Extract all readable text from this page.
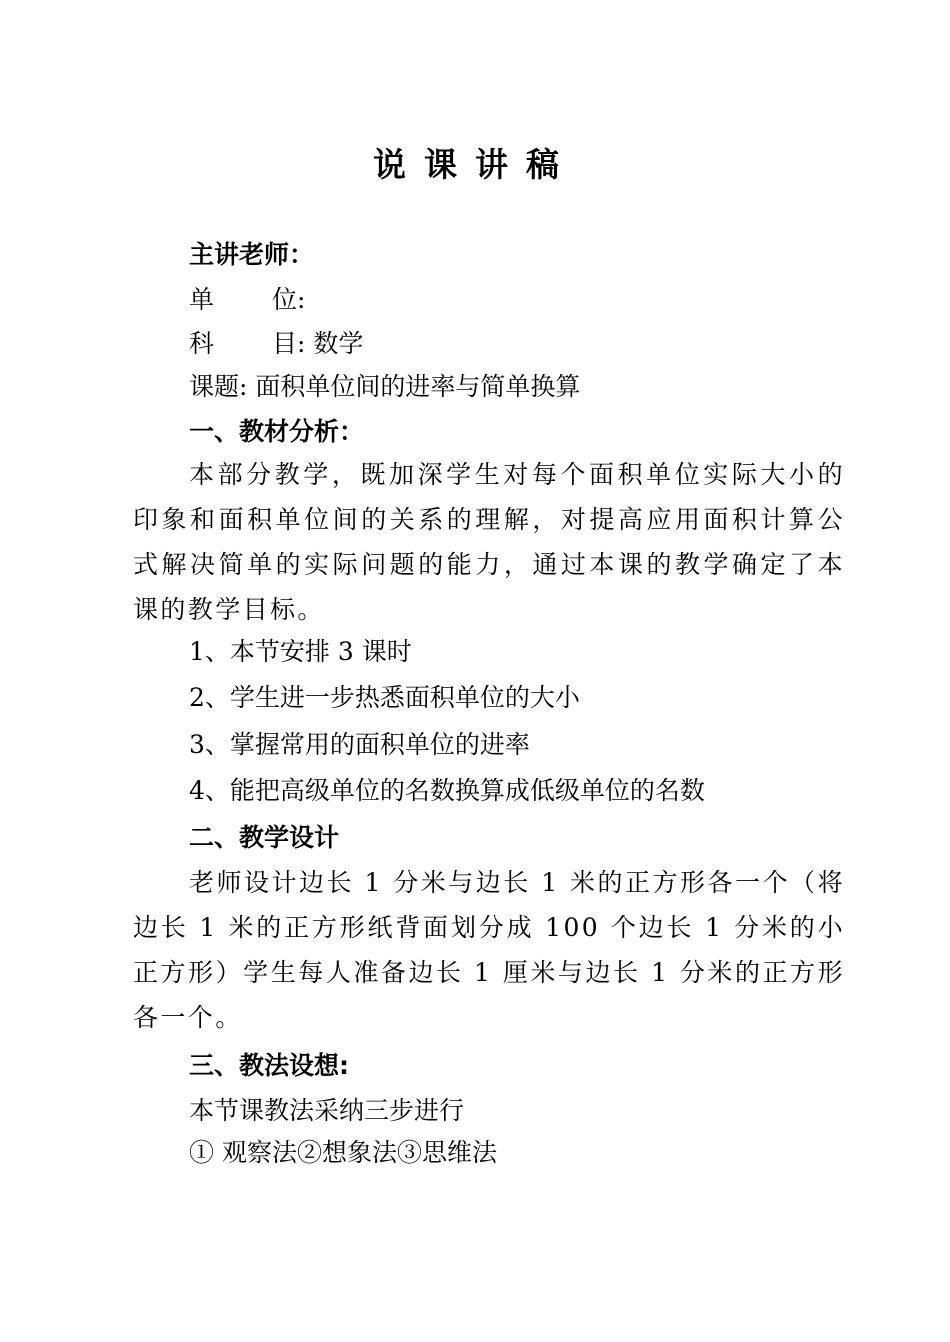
说课讲稿
主讲老师：
单 位:
科 目: 数学
课题: 面积单位间的进率与简单换算
一、教材分析：
本部分教学，既加深学生对每个面积单位实际大小的印象和面积单位间的关系的理解，对提高应用面积计算公式解决简单的实际问题的能力，通过本课的教学确定了本课的教学目标。
1、本节安排 3 课时
2、学生进一步热悉面积单位的大小
3、掌握常用的面积单位的进率
4、能把高级单位的名数换算成低级单位的名数
二、教学设计
老师设计边长 1 分米与边长 1 米的正方形各一个（将边长 1 米的正方形纸背面划分成 100 个边长 1 分米的小正方形）学生每人准备边长 1 厘米与边长 1 分米的正方形各一个。
三、教法设想:
本节课教法采纳三步进行
① 观察法②想象法③思维法
